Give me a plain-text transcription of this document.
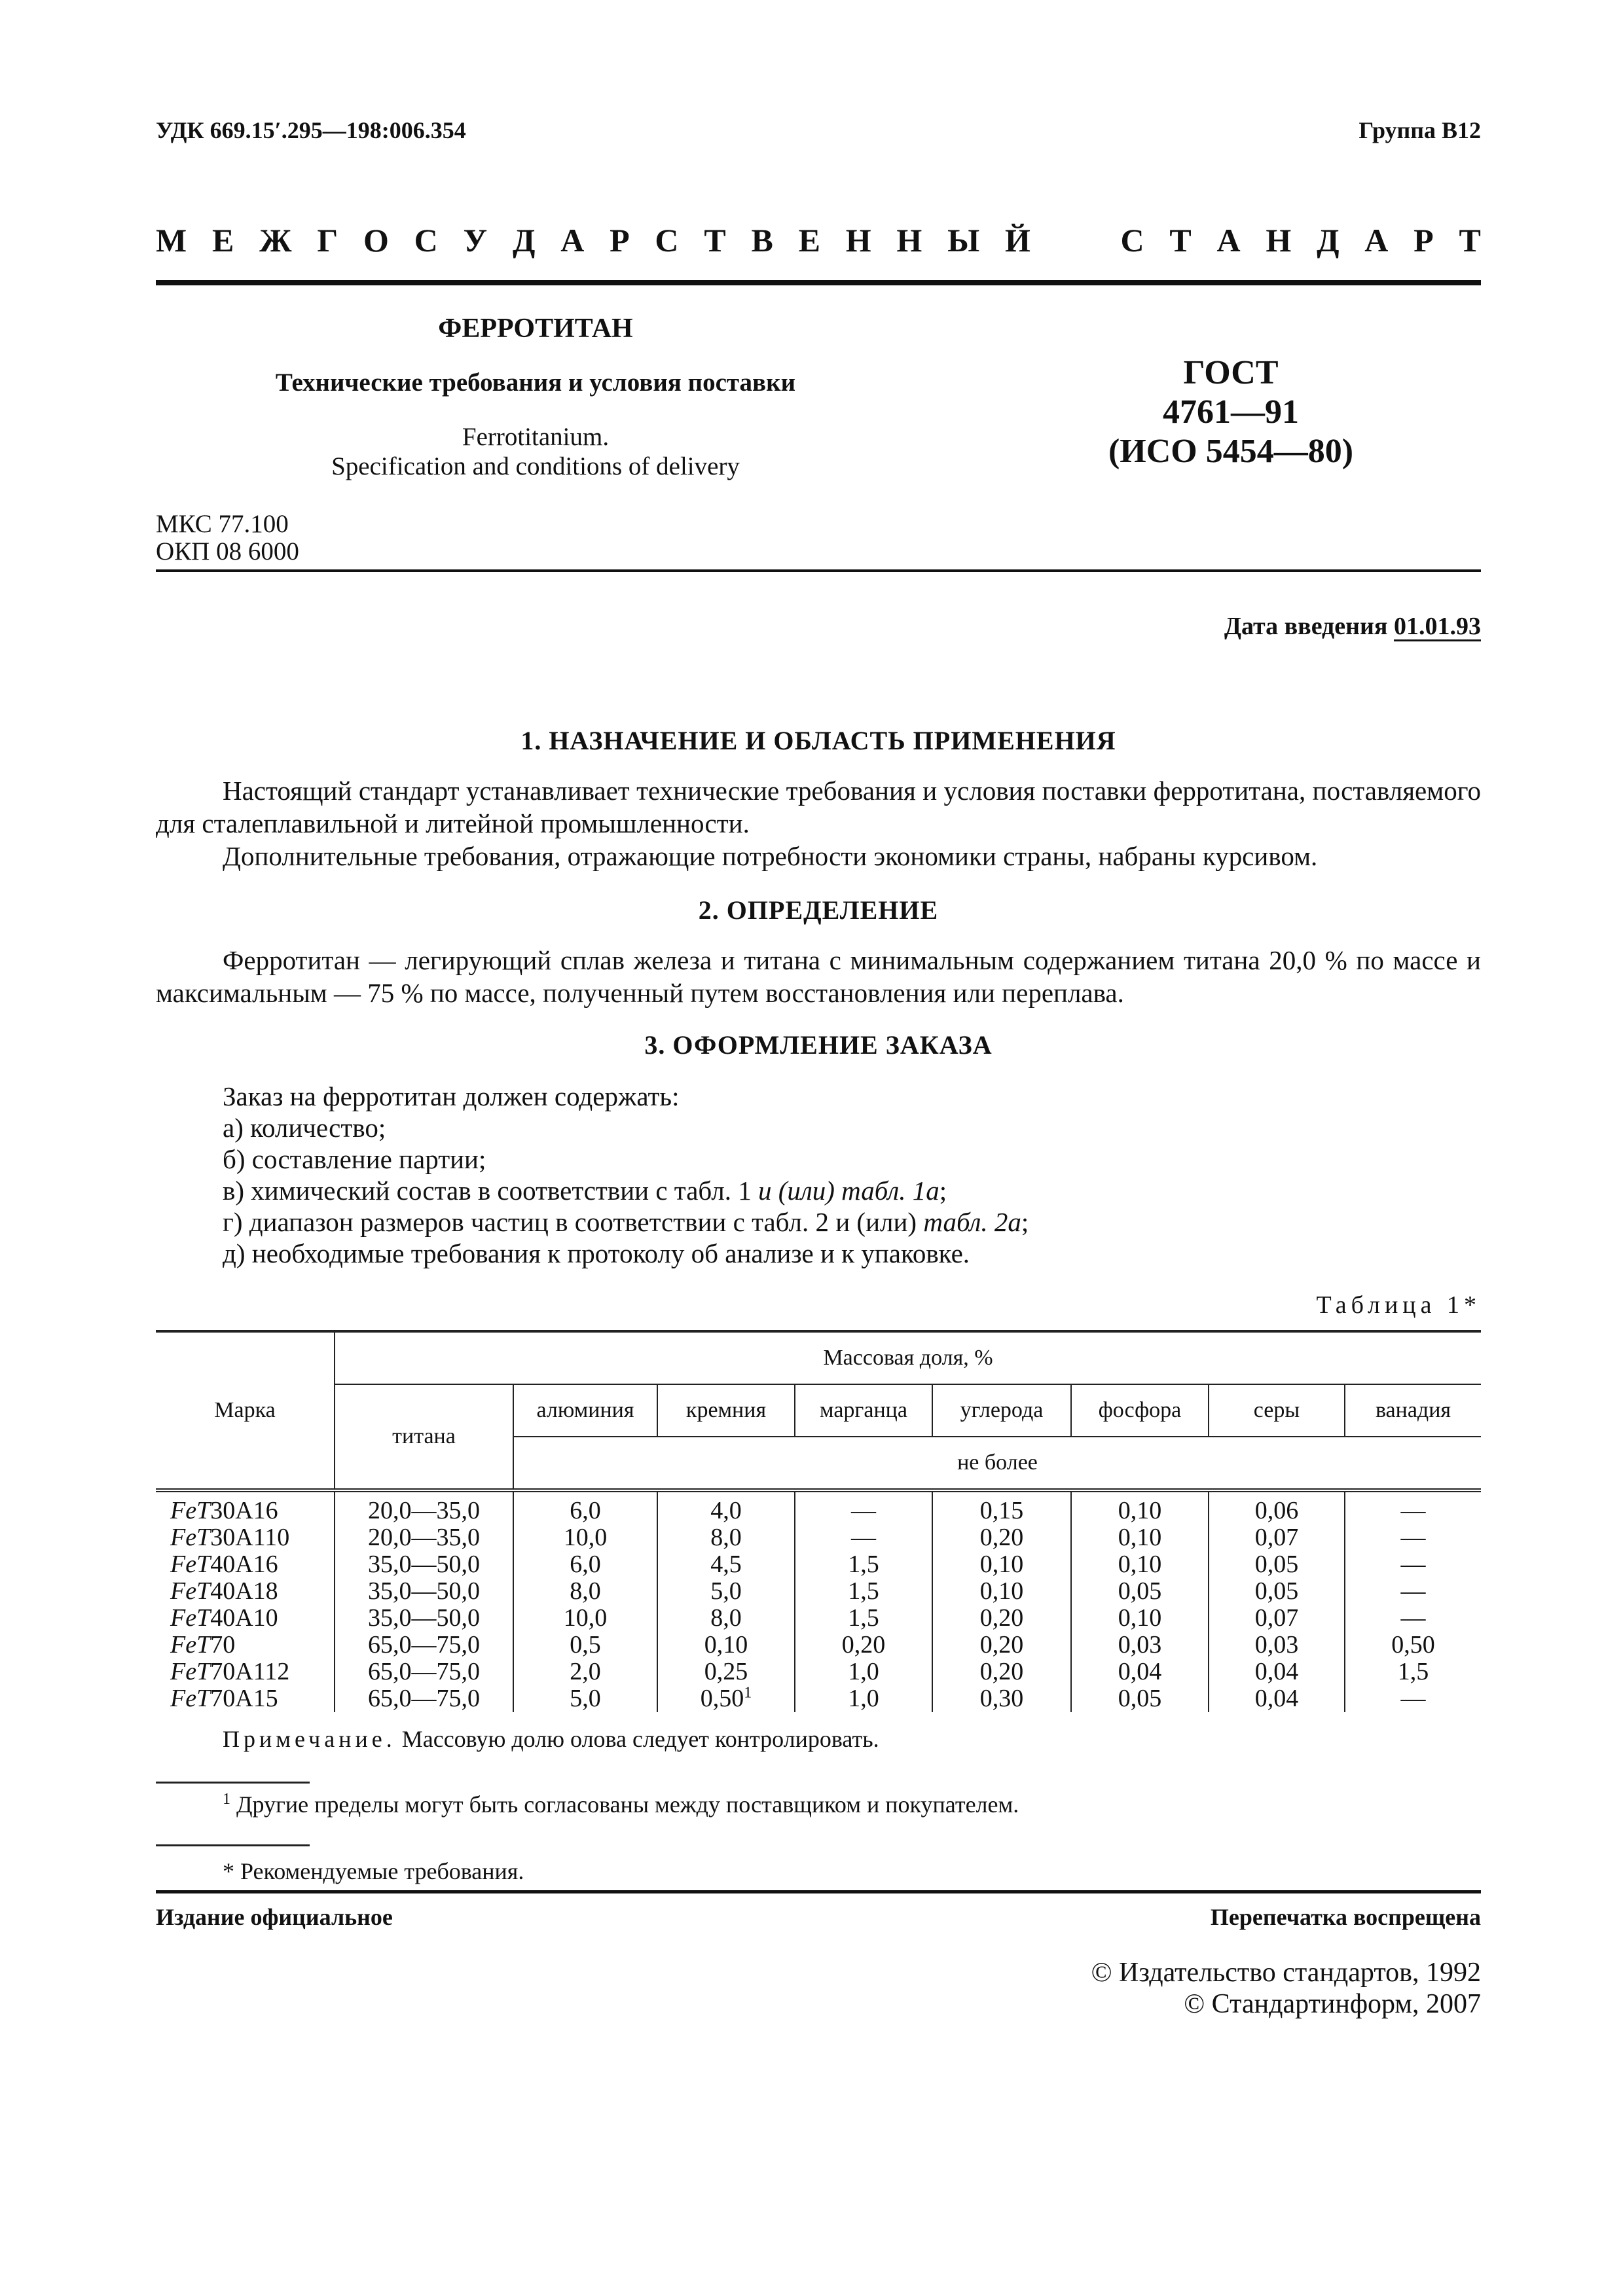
УДК 669.15′.295—198:006.354	Группа В12
М Е Ж Г О С У Д А Р С Т В Е Н Н Ы Й	С Т А Н Д А Р Т
ФЕРРОТИТАН
Технические требования и условия поставки
Ferrotitanium.
Specification and conditions of delivery
ГОСТ
4761—91
(ИСО 5454—80)
МКС 77.100
ОКП 08 6000
Дата введения 01.01.93
1. НАЗНАЧЕНИЕ И ОБЛАСТЬ ПРИМЕНЕНИЯ
Настоящий стандарт устанавливает технические требования и условия поставки ферротитана, поставляемого для сталеплавильной и литейной промышленности.
Дополнительные требования, отражающие потребности экономики страны, набраны курсивом.
2. ОПРЕДЕЛЕНИЕ
Ферротитан — легирующий сплав железа и титана с минимальным содержанием титана 20,0 % по массе и максимальным — 75 % по массе, полученный путем восстановления или переплава.
3. ОФОРМЛЕНИЕ ЗАКАЗА
Заказ на ферротитан должен содержать:
а) количество;
б) составление партии;
в) химический состав в соответствии с табл. 1 и (или) табл. 1а;
г) диапазон размеров частиц в соответствии с табл. 2 и (или) табл. 2а;
д) необходимые требования к протоколу об анализе и к упаковке.
Таблица 1*
Марка	Массовая доля, %							
	титана	алюминия	кремния	марганца	углерода	фосфора	серы	ванадия
		не более						
FeT30A16	20,0—35,0	6,0	4,0	—	0,15	0,10	0,06	—
FeT30A110	20,0—35,0	10,0	8,0	—	0,20	0,10	0,07	—
FeT40A16	35,0—50,0	6,0	4,5	1,5	0,10	0,10	0,05	—
FeT40A18	35,0—50,0	8,0	5,0	1,5	0,10	0,05	0,05	—
FeT40A10	35,0—50,0	10,0	8,0	1,5	0,20	0,10	0,07	—
FeT70	65,0—75,0	0,5	0,10	0,20	0,20	0,03	0,03	0,50
FeT70A112	65,0—75,0	2,0	0,25	1,0	0,20	0,04	0,04	1,5
FeT70A15	65,0—75,0	5,0	0,50$^1$	1,0	0,30	0,05	0,04	—
Примечание. Массовую долю олова следует контролировать.
$^1$ Другие пределы могут быть согласованы между поставщиком и покупателем.
* Рекомендуемые требования.
Издание официальное	Перепечатка воспрещена
© Издательство стандартов, 1992
© Стандартинформ, 2007
